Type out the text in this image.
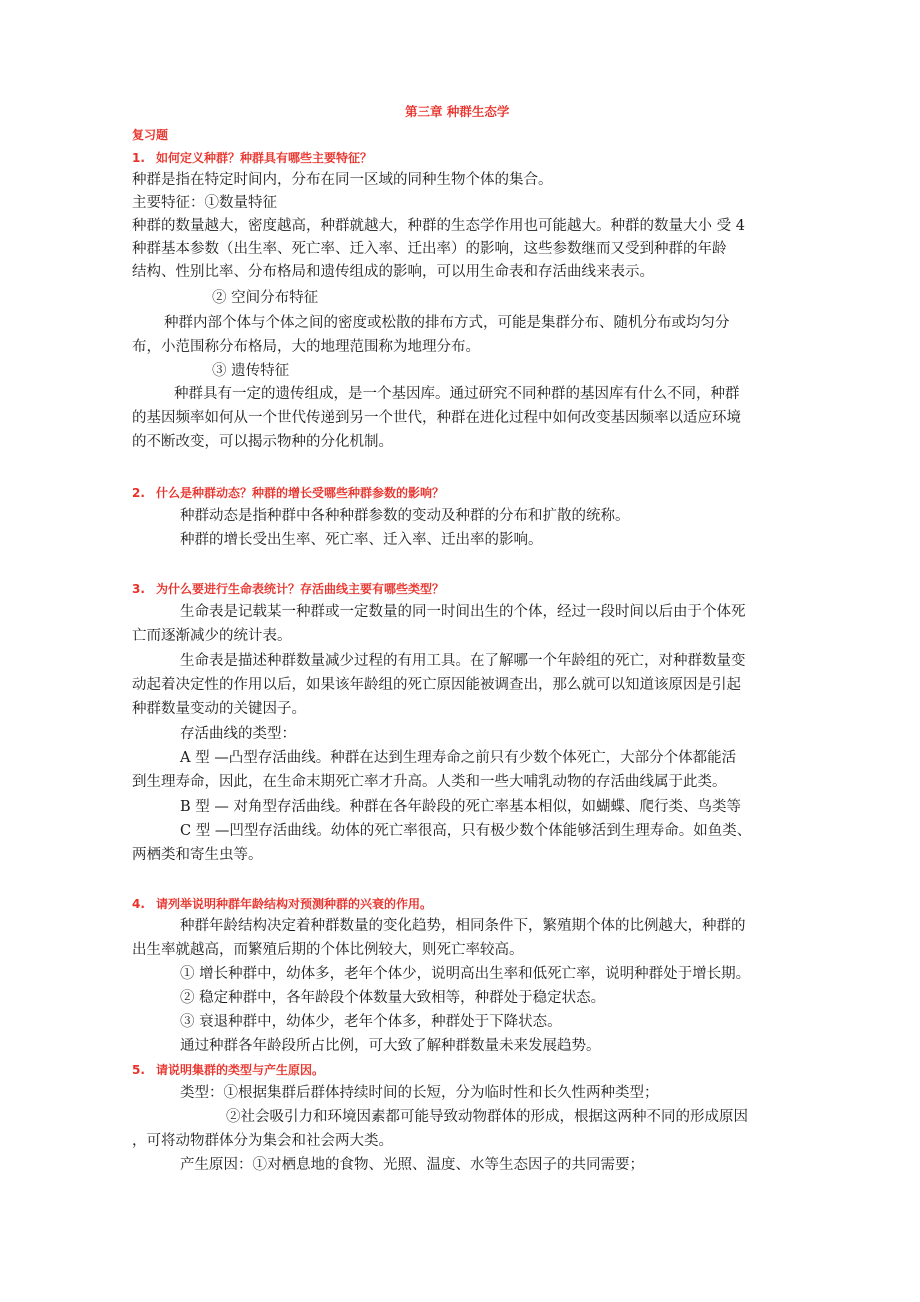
第三章 种群生态学
复习题
1. 如何定义种群？种群具有哪些主要特征？
种群是指在特定时间内，分布在同一区域的同种生物个体的集合。
主要特征：①数量特征
种群的数量越大，密度越高，种群就越大，种群的生态学作用也可能越大。种群的数量大小 受 4
种群基本参数（出生率、死亡率、迁入率、迁出率）的影响，这些参数继而又受到种群的年龄
结构、性别比率、分布格局和遗传组成的影响，可以用生命表和存活曲线来表示。
② 空间分布特征
种群内部个体与个体之间的密度或松散的排布方式，可能是集群分布、随机分布或均匀分
布，小范围称分布格局，大的地理范围称为地理分布。
③ 遗传特征
种群具有一定的遗传组成，是一个基因库。通过研究不同种群的基因库有什么不同，种群
的基因频率如何从一个世代传递到另一个世代，种群在进化过程中如何改变基因频率以适应环境
的不断改变，可以揭示物种的分化机制。
2. 什么是种群动态？种群的增长受哪些种群参数的影响？
种群动态是指种群中各种种群参数的变动及种群的分布和扩散的统称。
种群的增长受出生率、死亡率、迁入率、迁出率的影响。
3. 为什么要进行生命表统计？存活曲线主要有哪些类型？
生命表是记载某一种群或一定数量的同一时间出生的个体，经过一段时间以后由于个体死
亡而逐渐减少的统计表。
生命表是描述种群数量减少过程的有用工具。在了解哪一个年龄组的死亡，对种群数量变
动起着决定性的作用以后，如果该年龄组的死亡原因能被调查出，那么就可以知道该原因是引起
种群数量变动的关键因子。
存活曲线的类型：
A 型 —凸型存活曲线。种群在达到生理寿命之前只有少数个体死亡，大部分个体都能活
到生理寿命，因此，在生命末期死亡率才升高。人类和一些大哺乳动物的存活曲线属于此类。
B 型 — 对角型存活曲线。种群在各年龄段的死亡率基本相似，如蝴蝶、爬行类、鸟类等
C 型 —凹型存活曲线。幼体的死亡率很高，只有极少数个体能够活到生理寿命。如鱼类、
两栖类和寄生虫等。
4. 请列举说明种群年龄结构对预测种群的兴衰的作用。
种群年龄结构决定着种群数量的变化趋势，相同条件下，繁殖期个体的比例越大，种群的
出生率就越高，而繁殖后期的个体比例较大，则死亡率较高。
① 增长种群中，幼体多，老年个体少，说明高出生率和低死亡率，说明种群处于增长期。
② 稳定种群中，各年龄段个体数量大致相等，种群处于稳定状态。
③ 衰退种群中，幼体少，老年个体多，种群处于下降状态。
通过种群各年龄段所占比例，可大致了解种群数量未来发展趋势。
5. 请说明集群的类型与产生原因。
类型：①根据集群后群体持续时间的长短，分为临时性和长久性两种类型；
②社会吸引力和环境因素都可能导致动物群体的形成，根据这两种不同的形成原因
，可将动物群体分为集会和社会两大类。
产生原因：①对栖息地的食物、光照、温度、水等生态因子的共同需要；
